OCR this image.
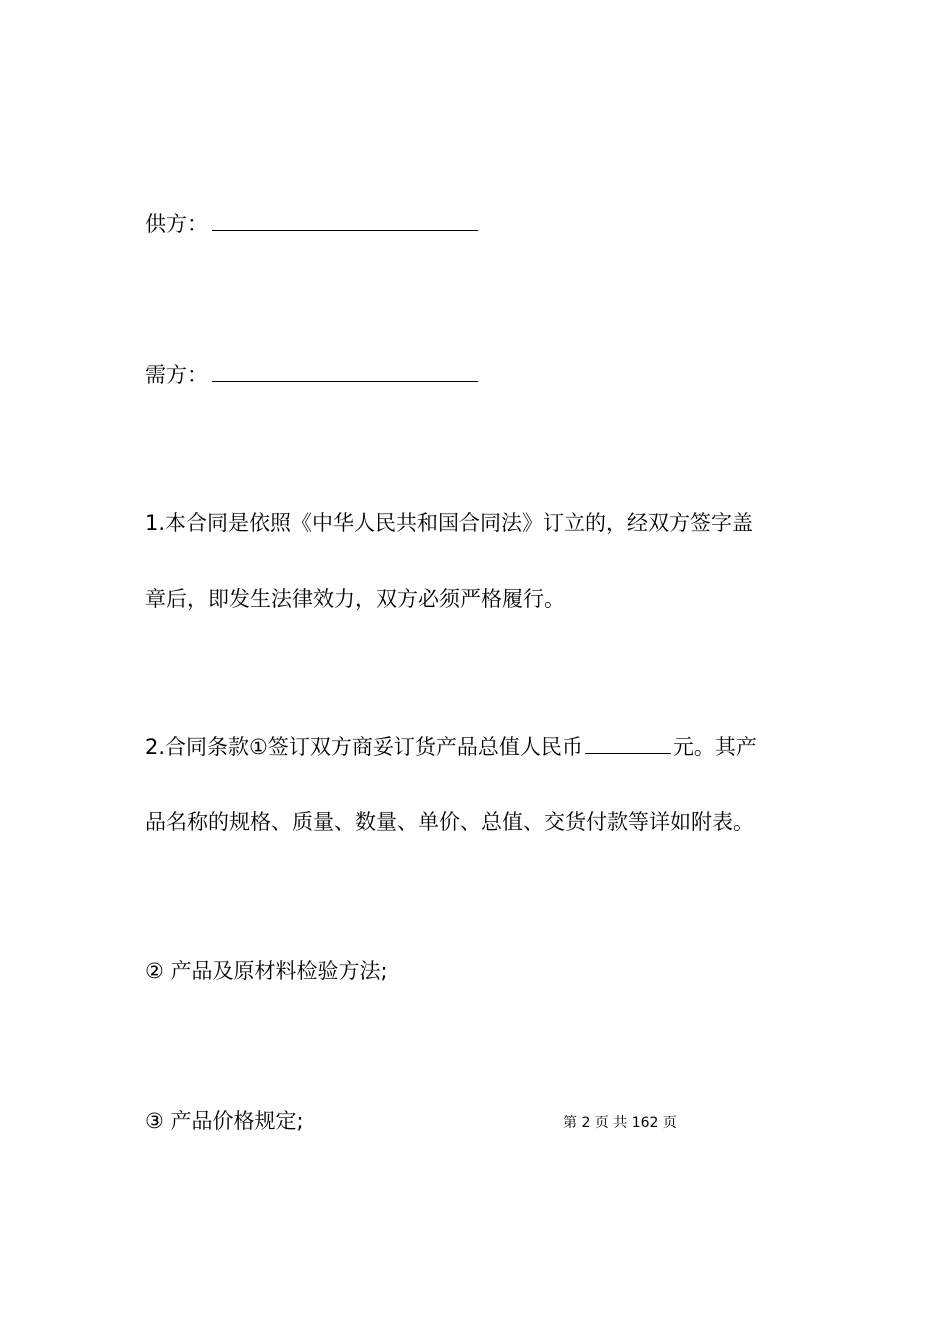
供方：
需方：
1.本合同是依照《中华人民共和国合同法》订立的，经双方签字盖
章后，即发生法律效力，双方必须严格履行。
2.合同条款①签订双方商妥订货产品总值人民币	元。其产
品名称的规格、质量、数量、单价、总值、交货付款等详如附表。
② 产品及原材料检验方法;
③ 产品价格规定;	第 2 页 共 162 页
